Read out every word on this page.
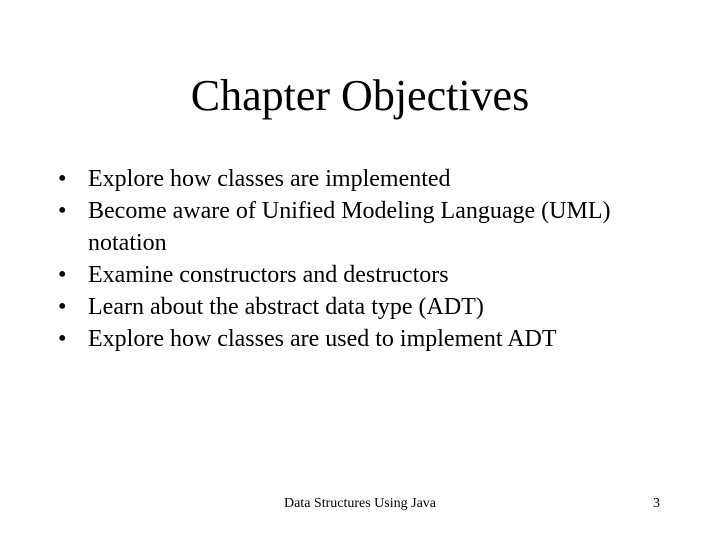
Chapter Objectives
• Explore how classes are implemented
• Become aware of Unified Modeling Language (UML) notation
• Examine constructors and destructors
• Learn about the abstract data type (ADT)
• Explore how classes are used to implement ADT
Data Structures Using Java	3
